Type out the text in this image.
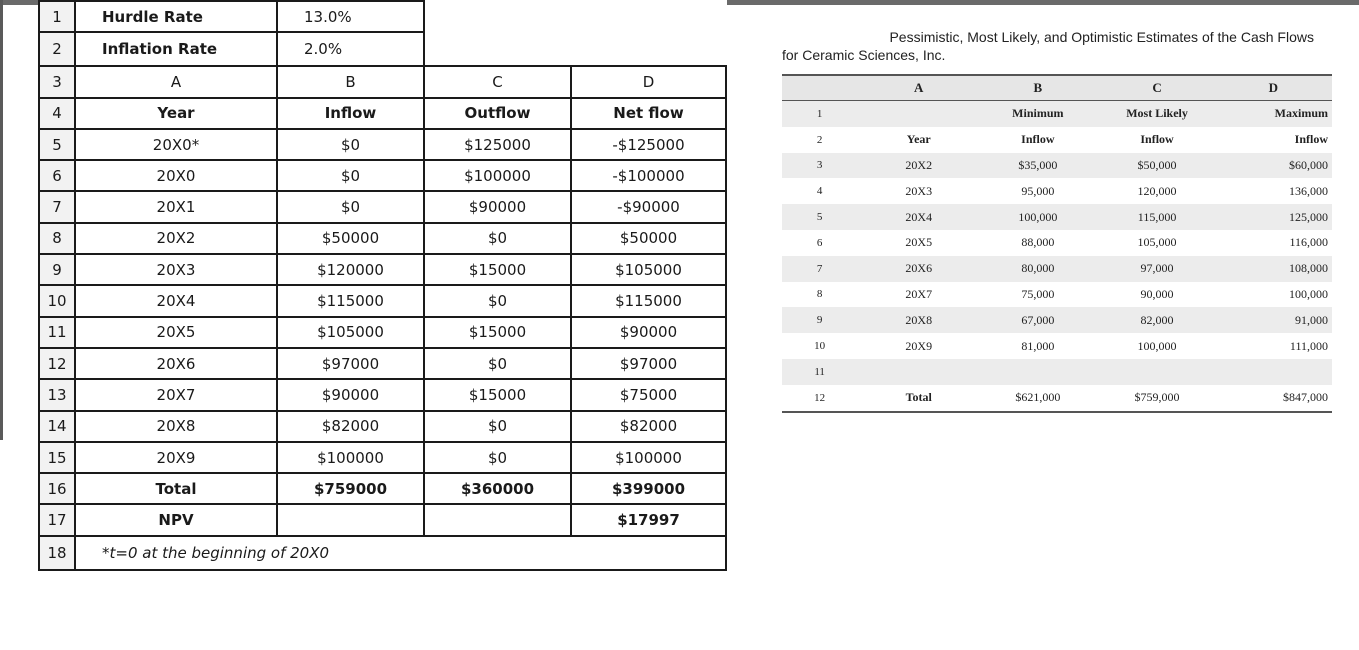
1	Hurdle Rate	13.0%		
2	Inflation Rate	2.0%		
3	A	B	C	D
4	Year	Inflow	Outflow	Net flow
5	20X0*	$0	$125000	-$125000
6	20X0	$0	$100000	-$100000
7	20X1	$0	$90000	-$90000
8	20X2	$50000	$0	$50000
9	20X3	$120000	$15000	$105000
10	20X4	$115000	$0	$115000
11	20X5	$105000	$15000	$90000
12	20X6	$97000	$0	$97000
13	20X7	$90000	$15000	$75000
14	20X8	$82000	$0	$82000
15	20X9	$100000	$0	$100000
16	Total	$759000	$360000	$399000
17	NPV			$17997
18	*t=0 at the beginning of 20X0			
Pessimistic, Most Likely, and Optimistic Estimates of the Cash Flows
for Ceramic Sciences, Inc.
	A	B	C	D
1		Minimum	Most Likely	Maximum
2	Year	Inflow	Inflow	Inflow
3	20X2	$35,000	$50,000	$60,000
4	20X3	95,000	120,000	136,000
5	20X4	100,000	115,000	125,000
6	20X5	88,000	105,000	116,000
7	20X6	80,000	97,000	108,000
8	20X7	75,000	90,000	100,000
9	20X8	67,000	82,000	91,000
10	20X9	81,000	100,000	111,000
11				
12	Total	$621,000	$759,000	$847,000
